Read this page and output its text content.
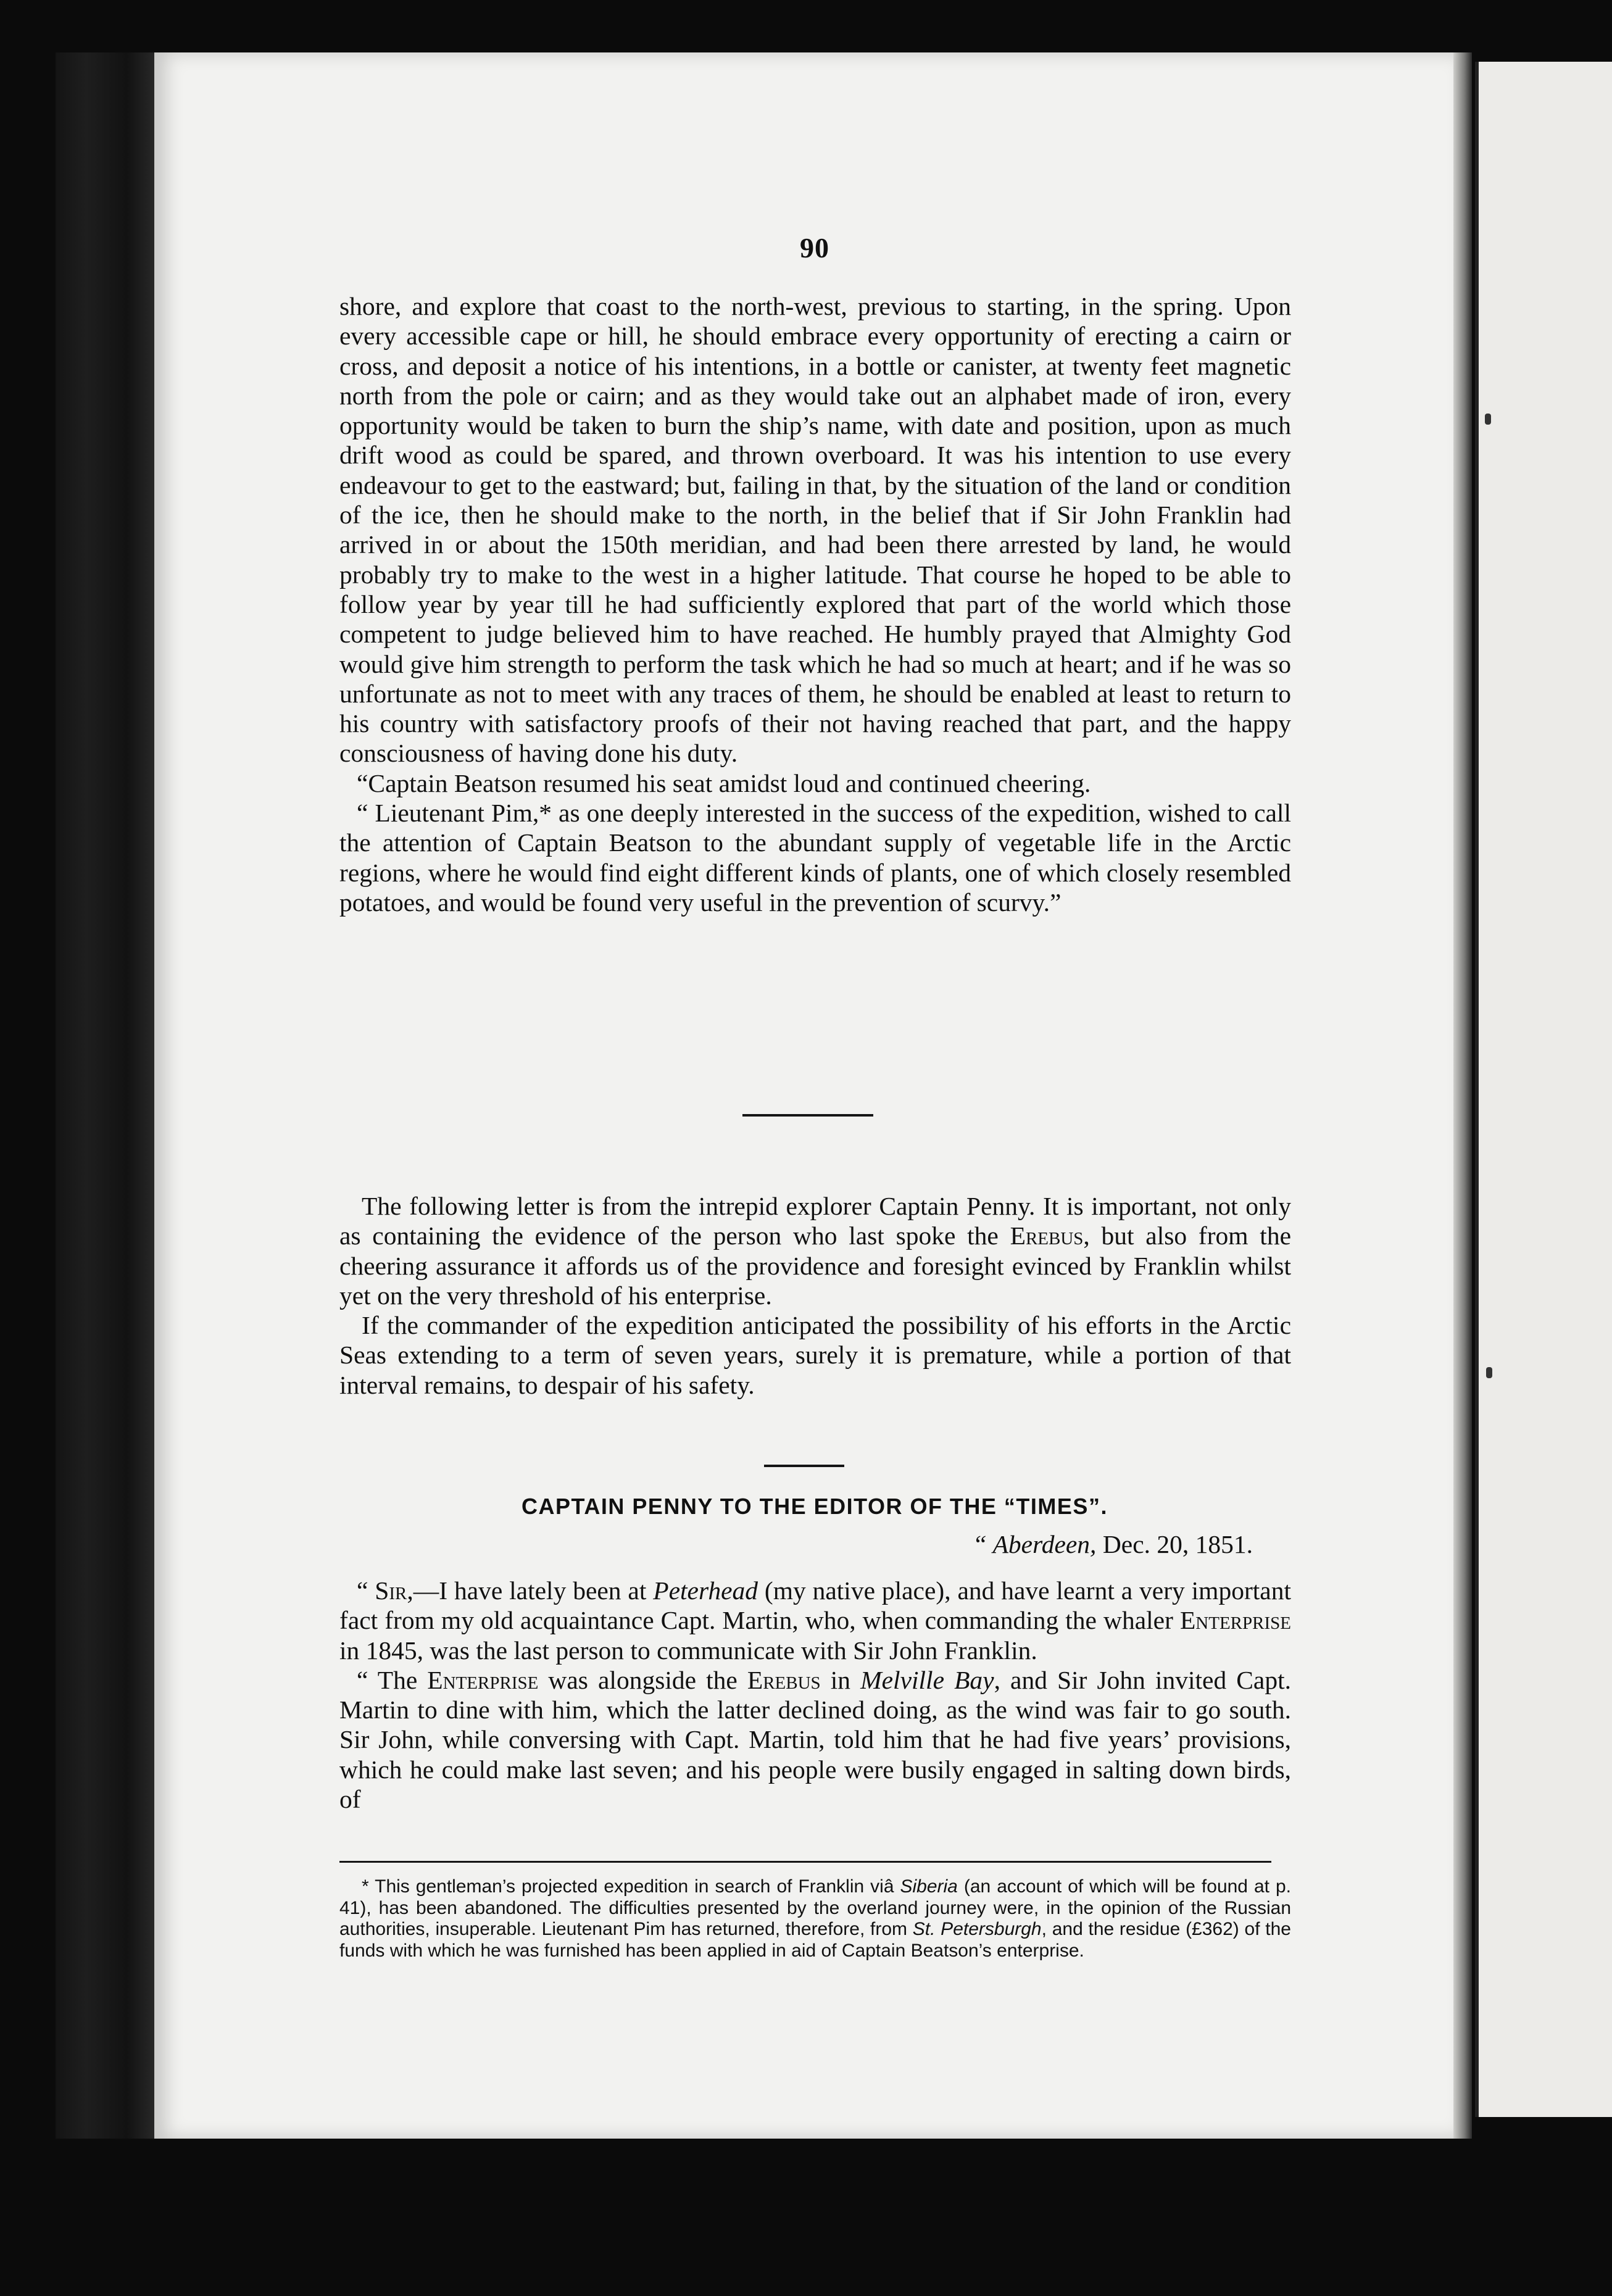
90

shore, and explore that coast to the north-west, previous to starting, in the spring. Upon every accessible cape or hill, he should embrace every opportunity of erecting a cairn or cross, and deposit a notice of his intentions, in a bottle or canister, at twenty feet magnetic north from the pole or cairn; and as they would take out an alphabet made of iron, every opportunity would be taken to burn the ship’s name, with date and position, upon as much drift wood as could be spared, and thrown overboard. It was his intention to use every endeavour to get to the eastward; but, failing in that, by the situation of the land or condition of the ice, then he should make to the north, in the belief that if Sir John Franklin had arrived in or about the 150th meridian, and had been there arrested by land, he would probably try to make to the west in a higher latitude. That course he hoped to be able to follow year by year till he had sufficiently explored that part of the world which those competent to judge believed him to have reached. He humbly prayed that Almighty God would give him strength to perform the task which he had so much at heart; and if he was so unfortunate as not to meet with any traces of them, he should be enabled at least to return to his country with satisfactory proofs of their not having reached that part, and the happy consciousness of having done his duty.

“Captain Beatson resumed his seat amidst loud and continued cheering.

“ Lieutenant Pim,* as one deeply interested in the success of the expedition, wished to call the attention of Captain Beatson to the abundant supply of vegetable life in the Arctic regions, where he would find eight different kinds of plants, one of which closely resembled potatoes, and would be found very useful in the prevention of scurvy.”

The following letter is from the intrepid explorer Captain Penny. It is important, not only as containing the evidence of the person who last spoke the Erebus, but also from the cheering assurance it affords us of the providence and foresight evinced by Franklin whilst yet on the very threshold of his enterprise.

If the commander of the expedition anticipated the possibility of his efforts in the Arctic Seas extending to a term of seven years, surely it is premature, while a portion of that interval remains, to despair of his safety.

CAPTAIN PENNY TO THE EDITOR OF THE “TIMES”.
“ Aberdeen, Dec. 20, 1851.

“ Sir,—I have lately been at Peterhead (my native place), and have learnt a very important fact from my old acquaintance Capt. Martin, who, when commanding the whaler Enterprise in 1845, was the last person to communicate with Sir John Franklin.

“ The Enterprise was alongside the Erebus in Melville Bay, and Sir John invited Capt. Martin to dine with him, which the latter declined doing, as the wind was fair to go south. Sir John, while conversing with Capt. Martin, told him that he had five years’ provisions, which he could make last seven; and his people were busily engaged in salting down birds, of

* This gentleman’s projected expedition in search of Franklin viâ Siberia (an account of which will be found at p. 41), has been abandoned. The difficulties presented by the overland journey were, in the opinion of the Russian authorities, insuperable. Lieutenant Pim has returned, therefore, from St. Petersburgh, and the residue (£362) of the funds with which he was furnished has been applied in aid of Captain Beatson’s enterprise.
